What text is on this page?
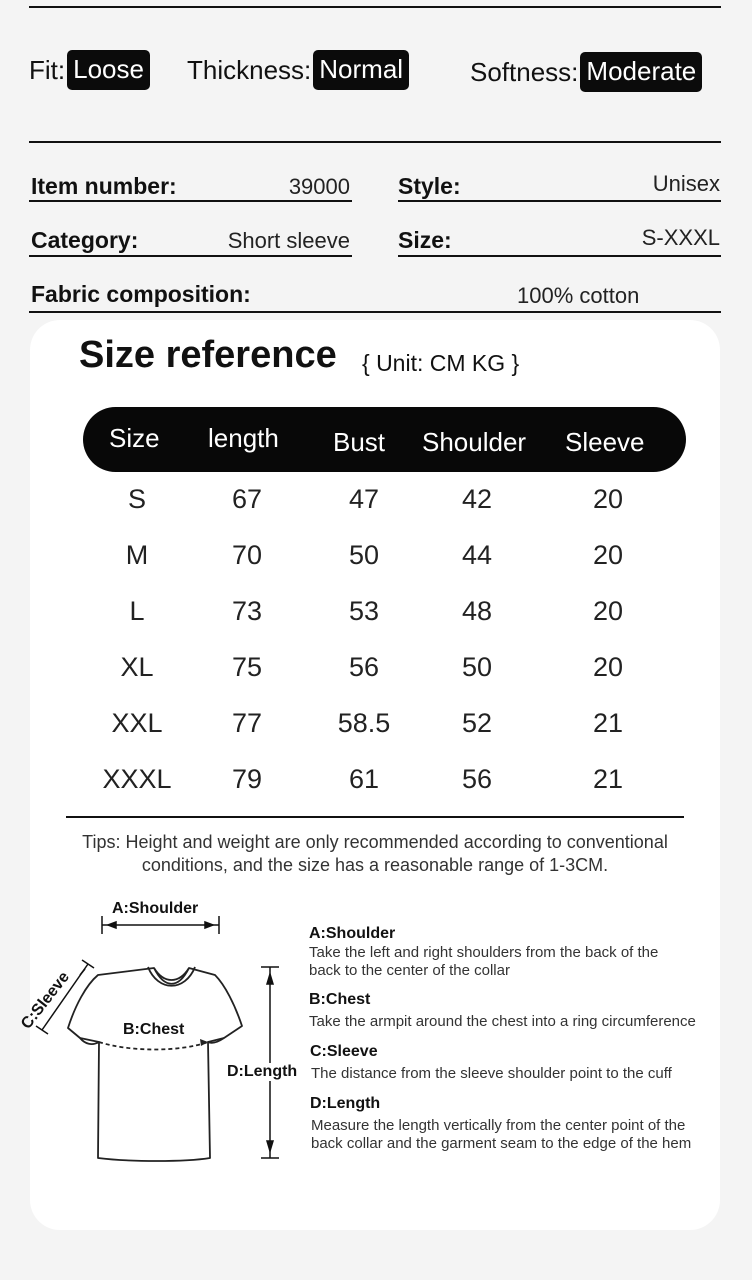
Fit: Loose Thickness: Normal	Softness: Moderate
Item number:	39000 Style:	Unisex
Category:	Short sleeve Size:	S-XXXL
Fabric composition:	100% cotton
Size reference { Unit: CM KG }
Size length Bust Shoulder Sleeve
S	67	47	42	20
M	70	50	44	20
L	73	53	48	20
XL	75	56	50	20
XXL	77	58.5	52	21
XXXL 79	61	56	21
Tips: Height and weight are only recommended according to conventional conditions, and the size has a reasonable range of 1-3CM.
A:Shoulder
C:Sleeve	B:Chest
D:Length
A:Shoulder
Take the left and right shoulders from the back of the back to the center of the collar
B:Chest
Take the armpit around the chest into a ring circumference
C:Sleeve
The distance from the sleeve shoulder point to the cuff
D:Length
Measure the length vertically from the center point of the back collar and the garment seam to the edge of the hem
